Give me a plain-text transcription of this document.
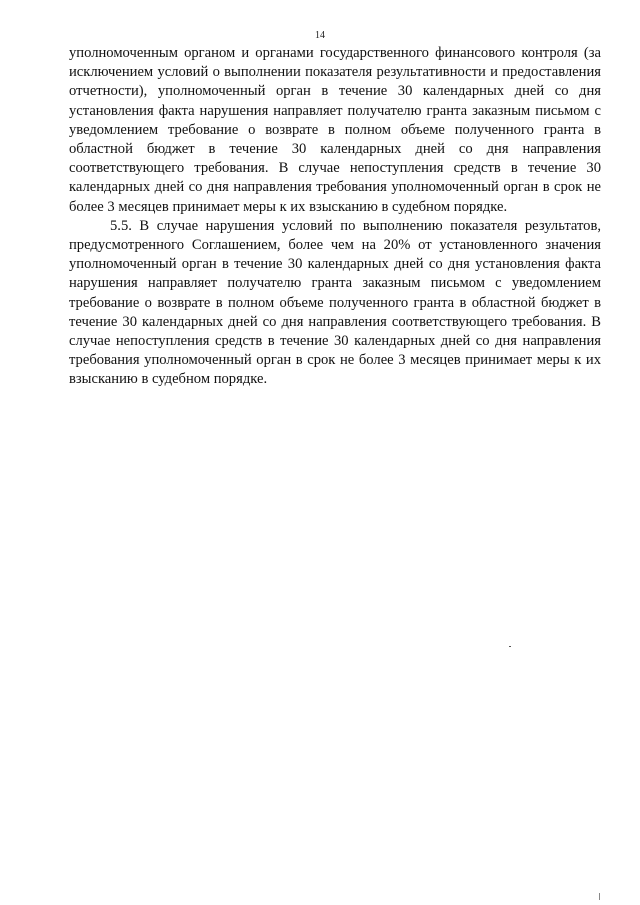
14

уполномоченным органом и органами государственного финансового контроля (за исключением условий о выполнении показателя результативности и предоставления отчетности), уполномоченный орган в течение 30 календарных дней со дня установления факта нарушения направляет получателю гранта заказным письмом с уведомлением требование о возврате в полном объеме полученного гранта в областной бюджет в течение 30 календарных дней со дня направления соответствующего требования. В случае непоступления средств в течение 30 календарных дней со дня направления требования уполномоченный орган в срок не более 3 месяцев принимает меры к их взысканию в судебном порядке.

5.5. В случае нарушения условий по выполнению показателя результатов, предусмотренного Соглашением, более чем на 20% от установленного значения уполномоченный орган в течение 30 календарных дней со дня установления факта нарушения направляет получателю гранта заказным письмом с уведомлением требование о возврате в полном объеме полученного гранта в областной бюджет в течение 30 календарных дней со дня направления соответствующего требования. В случае непоступления средств в течение 30 календарных дней со дня направления требования уполномоченный орган в срок не более 3 месяцев принимает меры к их взысканию в судебном порядке.
